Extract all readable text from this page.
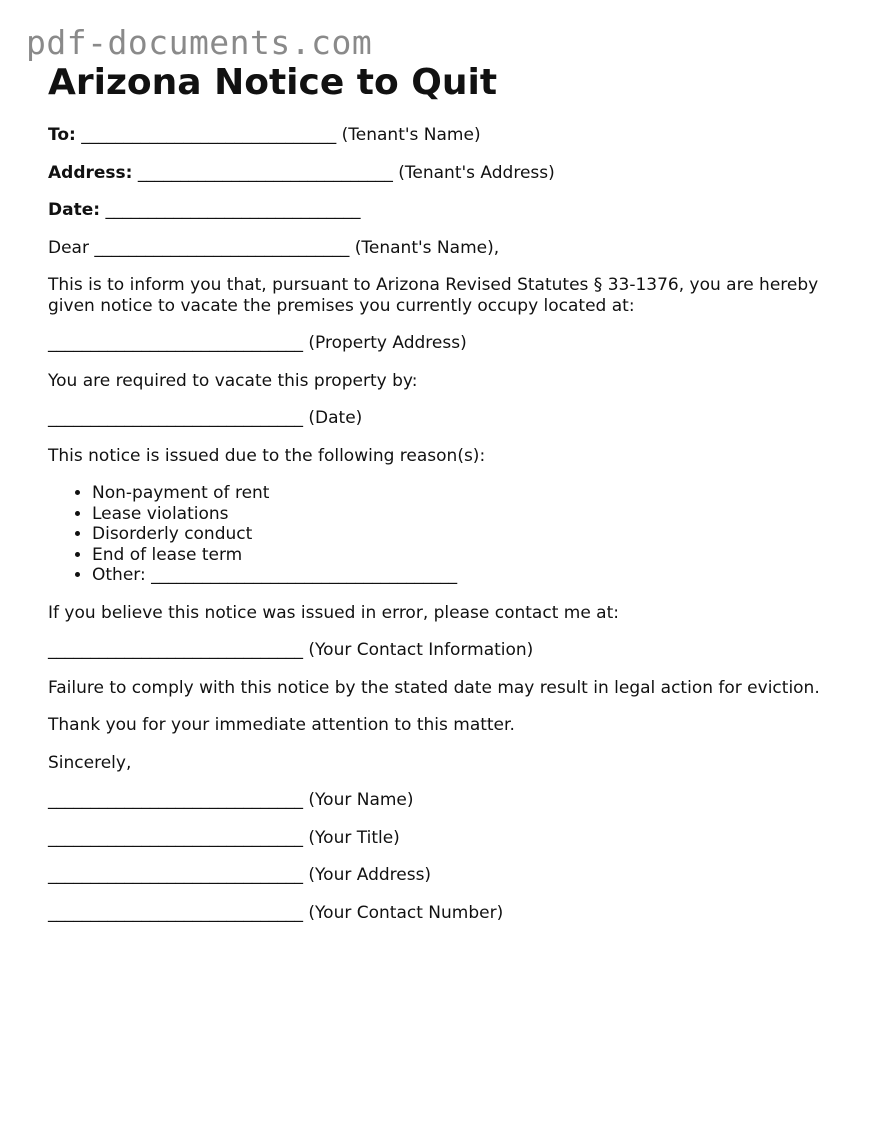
pdf-documents.com
Arizona Notice to Quit

To: ______________________________ (Tenant's Name)

Address: ______________________________ (Tenant's Address)

Date: ______________________________

Dear ______________________________ (Tenant's Name),

This is to inform you that, pursuant to Arizona Revised Statutes § 33-1376, you are hereby given notice to vacate the premises you currently occupy located at:

______________________________ (Property Address)

You are required to vacate this property by:

______________________________ (Date)

This notice is issued due to the following reason(s):

• Non-payment of rent
• Lease violations
• Disorderly conduct
• End of lease term
• Other: ____________________________________

If you believe this notice was issued in error, please contact me at:

______________________________ (Your Contact Information)

Failure to comply with this notice by the stated date may result in legal action for eviction.

Thank you for your immediate attention to this matter.

Sincerely,

______________________________ (Your Name)

______________________________ (Your Title)

______________________________ (Your Address)

______________________________ (Your Contact Number)
